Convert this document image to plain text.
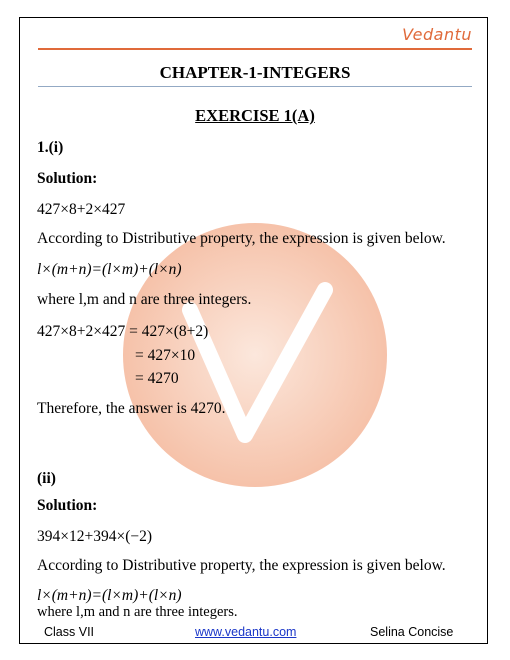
Vedantu
CHAPTER-1-INTEGERS
EXERCISE 1(A)
1.(i)
Solution:
427×8+2×427
According to Distributive property, the expression is given below.
l×(m+n)=(l×m)+(l×n)
where l,m and n are three integers.
427×8+2×427 = 427×(8+2)
= 427×10
= 4270
Therefore, the answer is 4270.
(ii)
Solution:
394×12+394×(−2)
According to Distributive property, the expression is given below.
l×(m+n)=(l×m)+(l×n)
Class VII	www.vedantu.com	Selina Concise
where l,m and n are three integers.
